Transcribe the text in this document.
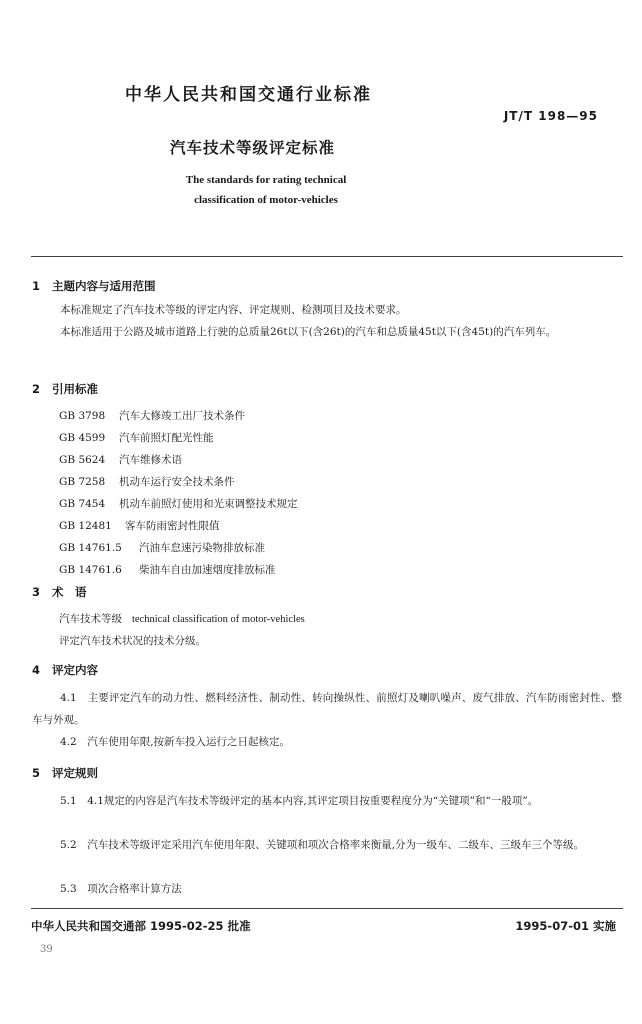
中华人民共和国交通行业标准
JT/T 198—95
汽车技术等级评定标准
The standards for rating technical
classification of motor-vehicles
1 主题内容与适用范围
本标准规定了汽车技术等级的评定内容、评定规则、检测项目及技术要求。
本标准适用于公路及城市道路上行驶的总质量26t以下(含26t)的汽车和总质量45t以下(含45t)的汽车列车。
2 引用标准
GB 3798 汽车大修竣工出厂技术条件
GB 4599 汽车前照灯配光性能
GB 5624 汽车维修术语
GB 7258 机动车运行安全技术条件
GB 7454 机动车前照灯使用和光束调整技术规定
GB 12481 客车防雨密封性限值
GB 14761.5 汽油车怠速污染物排放标准
GB 14761.6 柴油车自由加速烟度排放标准
3 术　语
汽车技术等级 technical classification of motor-vehicles
评定汽车技术状况的技术分级。
4 评定内容
4.1　主要评定汽车的动力性、燃料经济性、制动性、转向操纵性、前照灯及喇叭噪声、废气排放、汽车防雨密封性、整车与外观。
4.2　汽车使用年限,按新车投入运行之日起核定。
5 评定规则
5.1　4.1规定的内容是汽车技术等级评定的基本内容,其评定项目按重要程度分为“关键项”和“一般项”。
5.2　汽车技术等级评定采用汽车使用年限、关键项和项次合格率来衡量,分为一级车、二级车、三级车三个等级。
5.3　项次合格率计算方法
中华人民共和国交通部 1995-02-25 批准	1995-07-01 实施
39
